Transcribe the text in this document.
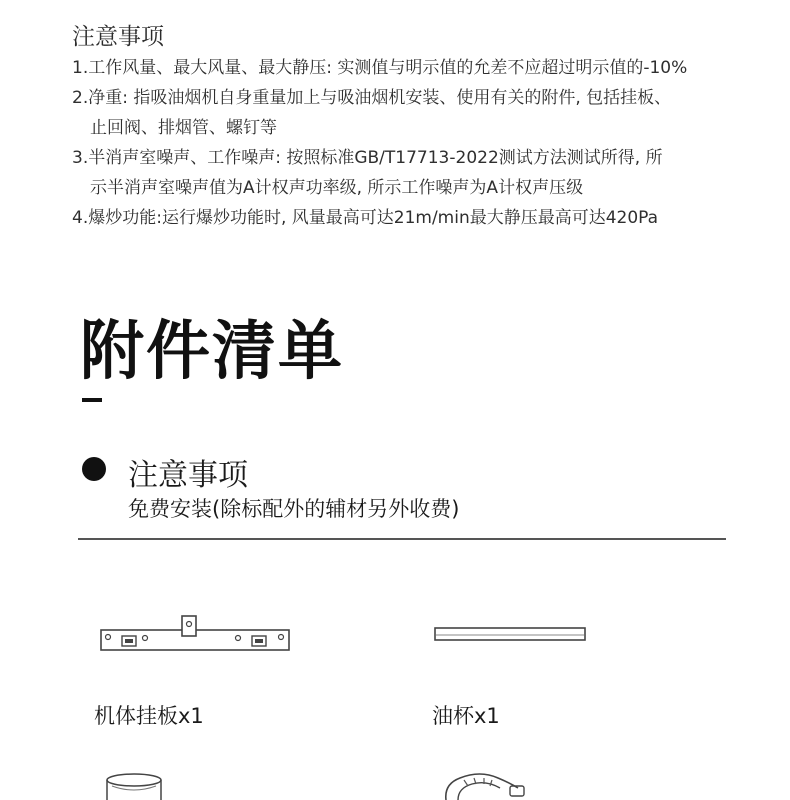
注意事项
1.工作风量、最大风量、最大静压: 实测值与明示值的允差不应超过明示值的-10%
2.净重: 指吸油烟机自身重量加上与吸油烟机安装、使用有关的附件, 包括挂板、
止回阀、排烟管、螺钉等
3.半消声室噪声、工作噪声: 按照标准GB/T17713-2022测试方法测试所得, 所
示半消声室噪声值为A计权声功率级, 所示工作噪声为A计权声压级
4.爆炒功能:运行爆炒功能时, 风量最高可达21m/min最大静压最高可达420Pa
附件清单
注意事项
免费安装(除标配外的辅材另外收费)
机体挂板x1	油杯x1
